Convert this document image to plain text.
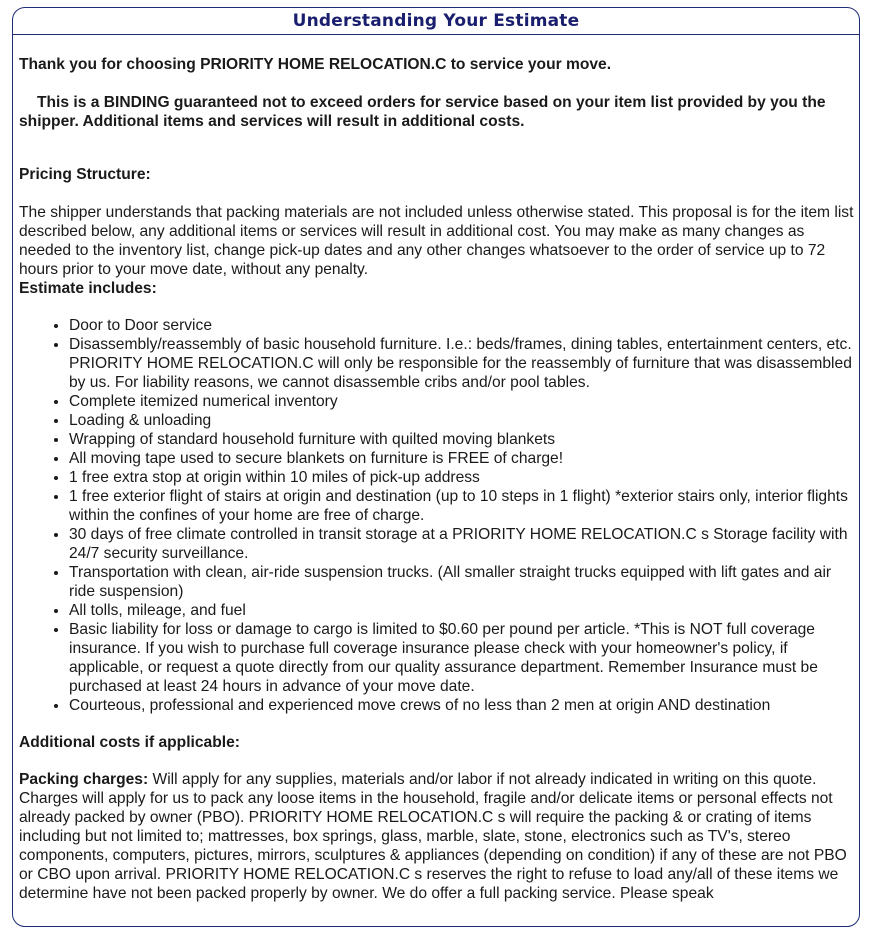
Understanding Your Estimate

Thank you for choosing PRIORITY HOME RELOCATION.C to service your move.

This is a BINDING guaranteed not to exceed orders for service based on your item list provided by you the shipper. Additional items and services will result in additional costs.

Pricing Structure:

The shipper understands that packing materials are not included unless otherwise stated. This proposal is for the item list described below, any additional items or services will result in additional cost. You may make as many changes as needed to the inventory list, change pick-up dates and any other changes whatsoever to the order of service up to 72 hours prior to your move date, without any penalty.

Estimate includes:

• Door to Door service
• Disassembly/reassembly of basic household furniture. I.e.: beds/frames, dining tables, entertainment centers, etc. PRIORITY HOME RELOCATION.C will only be responsible for the reassembly of furniture that was disassembled by us. For liability reasons, we cannot disassemble cribs and/or pool tables.
• Complete itemized numerical inventory
• Loading & unloading
• Wrapping of standard household furniture with quilted moving blankets
• All moving tape used to secure blankets on furniture is FREE of charge!
• 1 free extra stop at origin within 10 miles of pick-up address
• 1 free exterior flight of stairs at origin and destination (up to 10 steps in 1 flight) *exterior stairs only, interior flights within the confines of your home are free of charge.
• 30 days of free climate controlled in transit storage at a PRIORITY HOME RELOCATION.C s Storage facility with 24/7 security surveillance.
• Transportation with clean, air-ride suspension trucks. (All smaller straight trucks equipped with lift gates and air ride suspension)
• All tolls, mileage, and fuel
• Basic liability for loss or damage to cargo is limited to $0.60 per pound per article. *This is NOT full coverage insurance. If you wish to purchase full coverage insurance please check with your homeowner's policy, if applicable, or request a quote directly from our quality assurance department. Remember Insurance must be purchased at least 24 hours in advance of your move date.
• Courteous, professional and experienced move crews of no less than 2 men at origin AND destination

Additional costs if applicable:

Packing charges: Will apply for any supplies, materials and/or labor if not already indicated in writing on this quote. Charges will apply for us to pack any loose items in the household, fragile and/or delicate items or personal effects not already packed by owner (PBO). PRIORITY HOME RELOCATION.C s will require the packing & or crating of items including but not limited to; mattresses, box springs, glass, marble, slate, stone, electronics such as TV's, stereo components, computers, pictures, mirrors, sculptures & appliances (depending on condition) if any of these are not PBO or CBO upon arrival. PRIORITY HOME RELOCATION.C s reserves the right to refuse to load any/all of these items we determine have not been packed properly by owner. We do offer a full packing service. Please speak
